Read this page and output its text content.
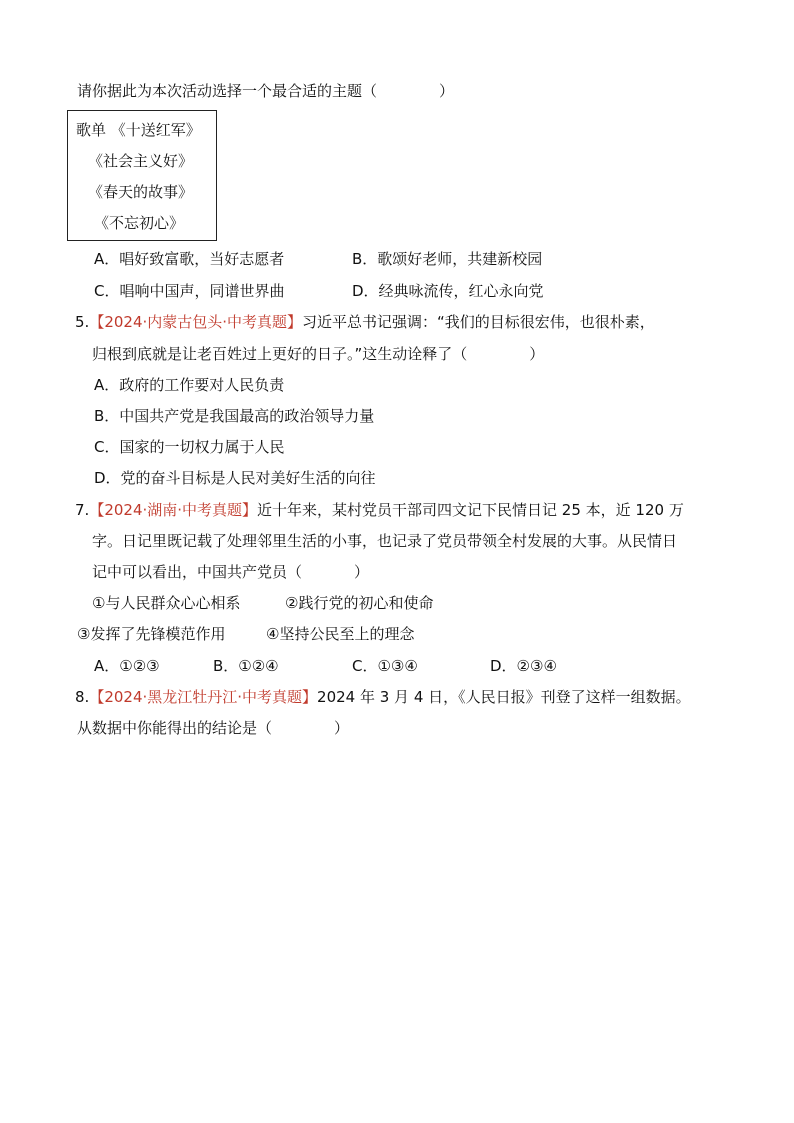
请你据此为本次活动选择一个最合适的主题（	）
歌单 《十送红军》
《社会主义好》
《春天的故事》
《不忘初心》
A．唱好致富歌，当好志愿者	B．歌颂好老师，共建新校园
C．唱响中国声，同谱世界曲	D．经典咏流传，红心永向党
5.【2024·内蒙古包头·中考真题】习近平总书记强调：“我们的目标很宏伟，也很朴素，
归根到底就是让老百姓过上更好的日子。”这生动诠释了（	）
A．政府的工作要对人民负责
B．中国共产党是我国最高的政治领导力量
C．国家的一切权力属于人民
D．党的奋斗目标是人民对美好生活的向往
7.【2024·湖南·中考真题】近十年来，某村党员干部司四文记下民情日记 25 本，近 120 万
字。日记里既记载了处理邻里生活的小事，也记录了党员带领全村发展的大事。从民情日
记中可以看出，中国共产党员（	）
①与人民群众心心相系	②践行党的初心和使命
③发挥了先锋模范作用	④坚持公民至上的理念
A．①②③	B．①②④	C．①③④	D．②③④
8.【2024·黑龙江牡丹江·中考真题】2024 年 3 月 4 日，《人民日报》刊登了这样一组数据。
从数据中你能得出的结论是（	）
